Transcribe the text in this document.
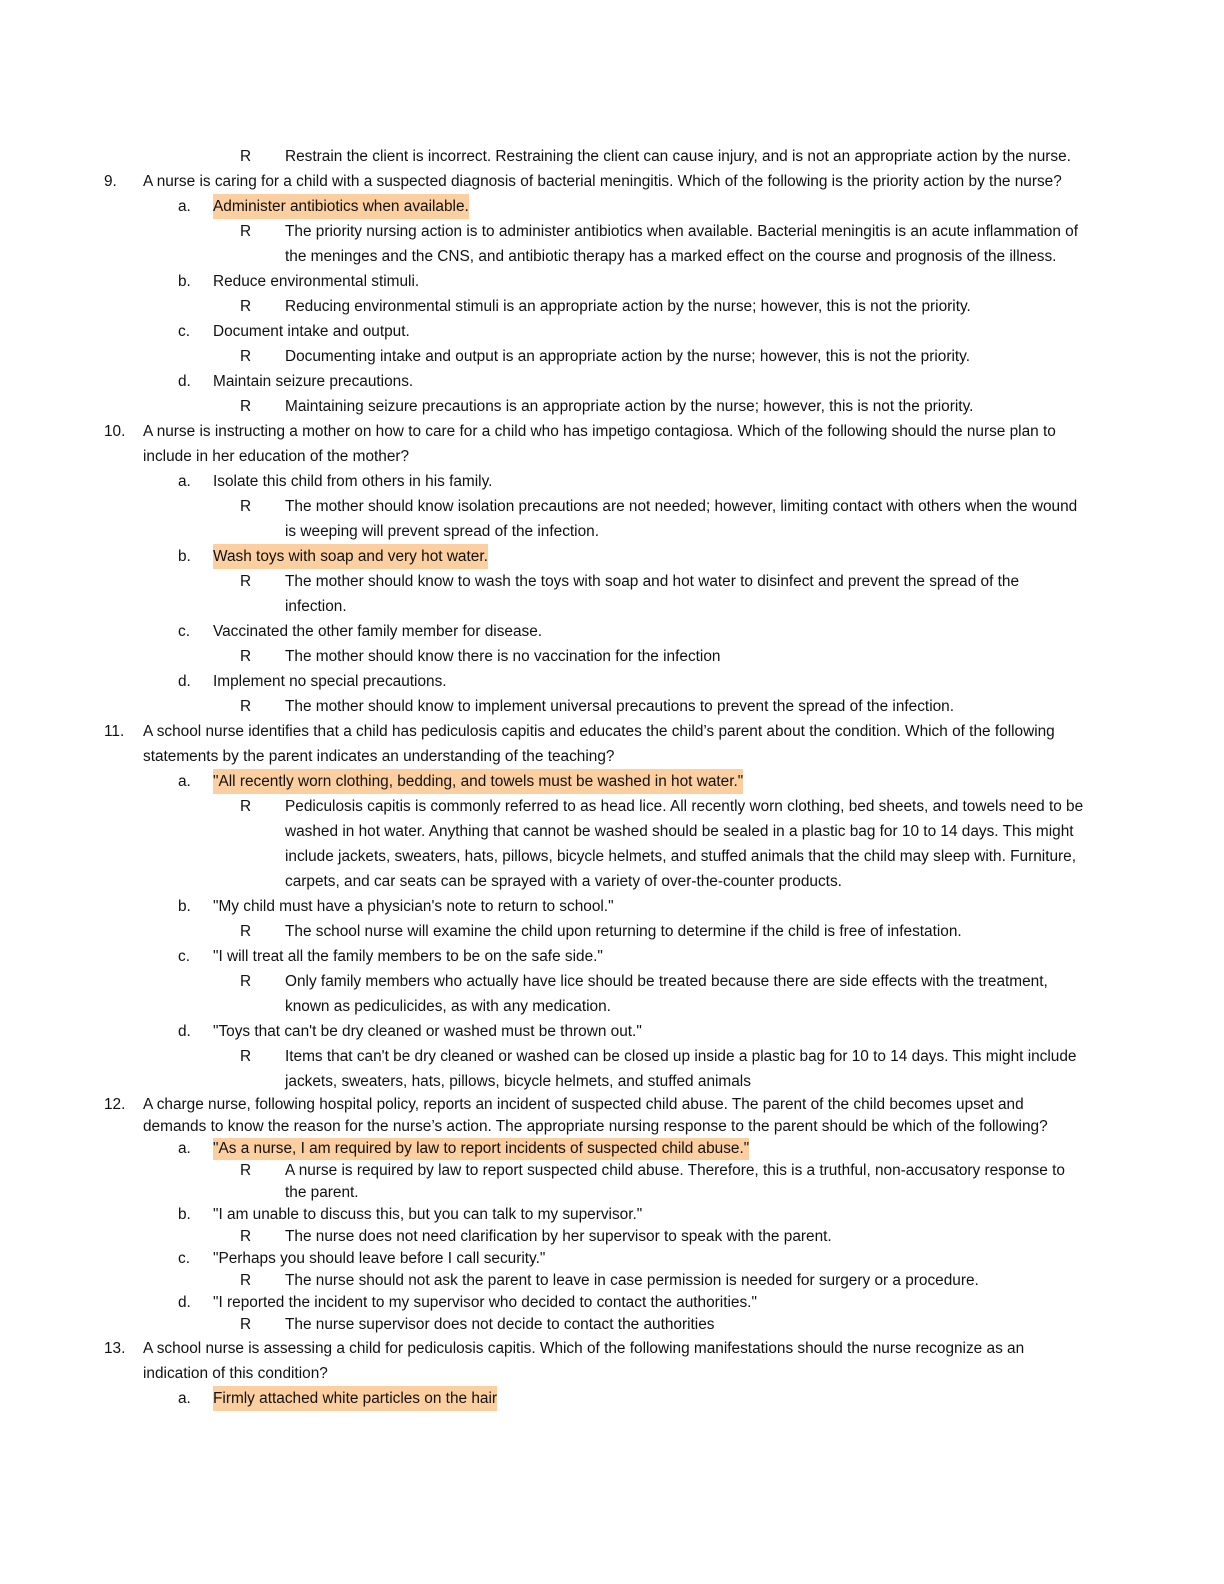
R Restrain the client is incorrect. Restraining the client can cause injury, and is not an appropriate action by the nurse.
9.	A nurse is caring for a child with a suspected diagnosis of bacterial meningitis. Which of the following is the priority action by the nurse?
a. Administer antibiotics when available.
R The priority nursing action is to administer antibiotics when available. Bacterial meningitis is an acute inflammation of
the meninges and the CNS, and antibiotic therapy has a marked effect on the course and prognosis of the illness.
b. Reduce environmental stimuli.
R Reducing environmental stimuli is an appropriate action by the nurse; however, this is not the priority.
c. Document intake and output.
R Documenting intake and output is an appropriate action by the nurse; however, this is not the priority.
d. Maintain seizure precautions.
R Maintaining seizure precautions is an appropriate action by the nurse; however, this is not the priority.
10.	A nurse is instructing a mother on how to care for a child who has impetigo contagiosa. Which of the following should the nurse plan to
include in her education of the mother?
a. Isolate this child from others in his family.
R The mother should know isolation precautions are not needed; however, limiting contact with others when the wound
is weeping will prevent spread of the infection.
b. Wash toys with soap and very hot water.
R The mother should know to wash the toys with soap and hot water to disinfect and prevent the spread of the
infection.
c. Vaccinated the other family member for disease.
R The mother should know there is no vaccination for the infection
d. Implement no special precautions.
R The mother should know to implement universal precautions to prevent the spread of the infection.
11.	A school nurse identifies that a child has pediculosis capitis and educates the child’s parent about the condition. Which of the following
statements by the parent indicates an understanding of the teaching?
a. "All recently worn clothing, bedding, and towels must be washed in hot water."
R Pediculosis capitis is commonly referred to as head lice. All recently worn clothing, bed sheets, and towels need to be
washed in hot water. Anything that cannot be washed should be sealed in a plastic bag for 10 to 14 days. This might
include jackets, sweaters, hats, pillows, bicycle helmets, and stuffed animals that the child may sleep with. Furniture,
carpets, and car seats can be sprayed with a variety of over-the-counter products.
b. "My child must have a physician's note to return to school."
R The school nurse will examine the child upon returning to determine if the child is free of infestation.
c. "I will treat all the family members to be on the safe side."
R Only family members who actually have lice should be treated because there are side effects with the treatment,
known as pediculicides, as with any medication.
d. "Toys that can't be dry cleaned or washed must be thrown out."
R Items that can't be dry cleaned or washed can be closed up inside a plastic bag for 10 to 14 days. This might include
jackets, sweaters, hats, pillows, bicycle helmets, and stuffed animals
12.	A charge nurse, following hospital policy, reports an incident of suspected child abuse. The parent of the child becomes upset and
demands to know the reason for the nurse’s action. The appropriate nursing response to the parent should be which of the following?
a. "As a nurse, I am required by law to report incidents of suspected child abuse."
R A nurse is required by law to report suspected child abuse. Therefore, this is a truthful, non-accusatory response to
the parent.
b. "I am unable to discuss this, but you can talk to my supervisor."
R The nurse does not need clarification by her supervisor to speak with the parent.
c. "Perhaps you should leave before I call security."
R The nurse should not ask the parent to leave in case permission is needed for surgery or a procedure.
d. "I reported the incident to my supervisor who decided to contact the authorities."
R The nurse supervisor does not decide to contact the authorities
13.	A school nurse is assessing a child for pediculosis capitis. Which of the following manifestations should the nurse recognize as an
indication of this condition?
a. Firmly attached white particles on the hair
